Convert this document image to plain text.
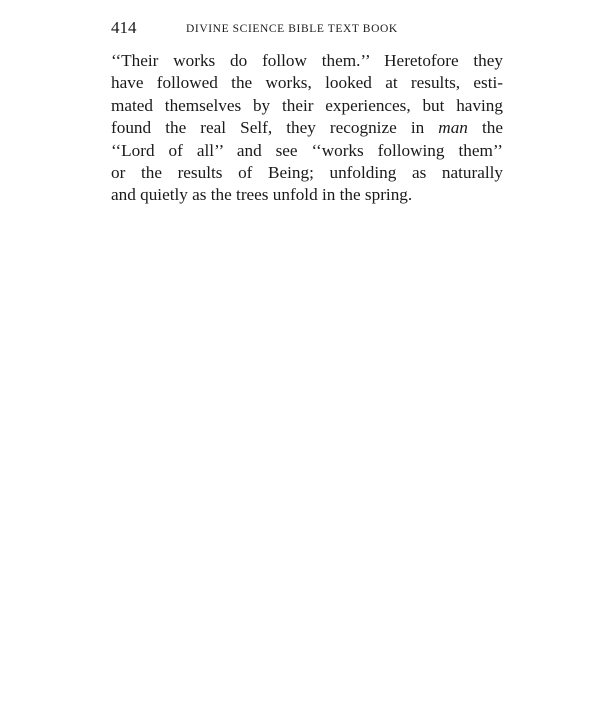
414	DIVINE SCIENCE BIBLE TEXT BOOK
‘‘Their works do follow them.’’ Heretofore they
have followed the works, looked at results, esti-
mated themselves by their experiences, but having
found the real Self, they recognize in man the
‘‘Lord of all’’ and see ‘‘works following them’’
or the results of Being; unfolding as naturally
and quietly as the trees unfold in the spring.
